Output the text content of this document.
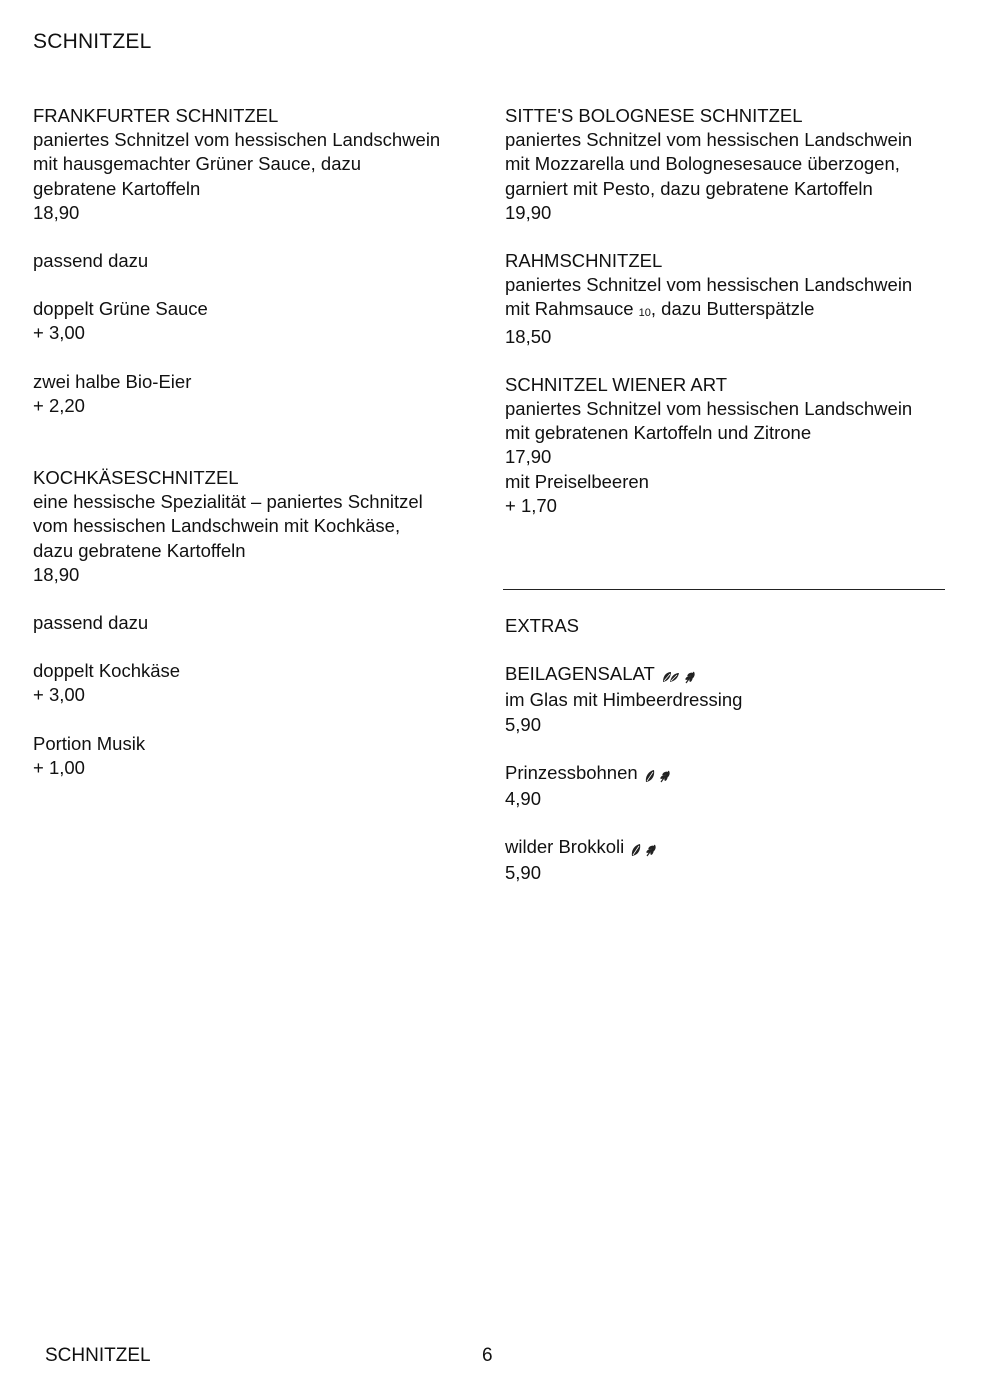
SCHNITZEL
FRANKFURTER SCHNITZEL
paniertes Schnitzel vom hessischen Landschwein
mit hausgemachter Grüner Sauce, dazu
gebratene Kartoffeln
18,90
passend dazu
doppelt Grüne Sauce
+ 3,00
zwei halbe Bio-Eier
+ 2,20
KOCHKÄSESCHNITZEL
eine hessische Spezialität – paniertes Schnitzel
vom hessischen Landschwein mit Kochkäse,
dazu gebratene Kartoffeln
18,90
passend dazu
doppelt Kochkäse
+ 3,00
Portion Musik
+ 1,00
SITTE'S BOLOGNESE SCHNITZEL
paniertes Schnitzel vom hessischen Landschwein
mit Mozzarella und Bolognesesauce überzogen,
garniert mit Pesto, dazu gebratene Kartoffeln
19,90
RAHMSCHNITZEL
paniertes Schnitzel vom hessischen Landschwein
mit Rahmsauce 10, dazu Butterspätzle
18,50
SCHNITZEL WIENER ART
paniertes Schnitzel vom hessischen Landschwein
mit gebratenen Kartoffeln und Zitrone
17,90
mit Preiselbeeren
+ 1,70
EXTRAS
BEILAGENSALAT
im Glas mit Himbeerdressing
5,90
Prinzessbohnen
4,90
wilder Brokkoli
5,90
SCHNITZEL	6
